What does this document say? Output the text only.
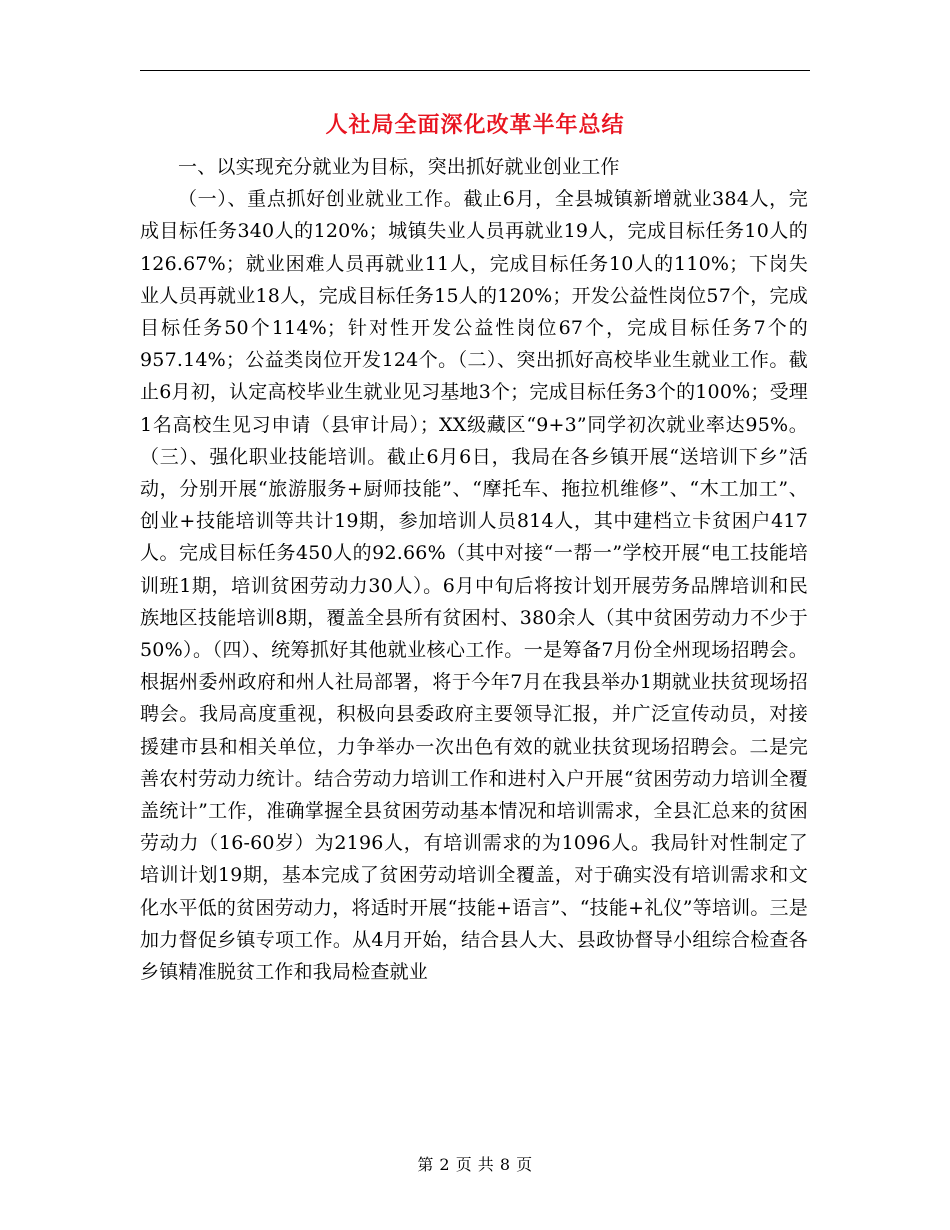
人社局全面深化改革半年总结

一、以实现充分就业为目标，突出抓好就业创业工作

（一）、重点抓好创业就业工作。截止6月，全县城镇新增就业384人，完成目标任务340人的120%；城镇失业人员再就业19人，完成目标任务10人的126.67%；就业困难人员再就业11人，完成目标任务10人的110%；下岗失业人员再就业18人，完成目标任务15人的120%；开发公益性岗位57个，完成目标任务50个114%；针对性开发公益性岗位67个，完成目标任务7个的957.14%；公益类岗位开发124个。（二）、突出抓好高校毕业生就业工作。截止6月初，认定高校毕业生就业见习基地3个；完成目标任务3个的100%；受理1名高校生见习申请（县审计局）；XX级藏区“9+3”同学初次就业率达95%。（三）、强化职业技能培训。截止6月6日，我局在各乡镇开展“送培训下乡”活动，分别开展“旅游服务+厨师技能”、“摩托车、拖拉机维修”、“木工加工”、创业+技能培训等共计19期，参加培训人员814人，其中建档立卡贫困户417人。完成目标任务450人的92.66%（其中对接“一帮一”学校开展“电工技能培训班1期，培训贫困劳动力30人）。6月中旬后将按计划开展劳务品牌培训和民族地区技能培训8期，覆盖全县所有贫困村、380余人（其中贫困劳动力不少于50%）。（四）、统筹抓好其他就业核心工作。一是筹备7月份全州现场招聘会。根据州委州政府和州人社局部署，将于今年7月在我县举办1期就业扶贫现场招聘会。我局高度重视，积极向县委政府主要领导汇报，并广泛宣传动员，对接援建市县和相关单位，力争举办一次出色有效的就业扶贫现场招聘会。二是完善农村劳动力统计。结合劳动力培训工作和进村入户开展“贫困劳动力培训全覆盖统计”工作，准确掌握全县贫困劳动基本情况和培训需求，全县汇总来的贫困劳动力（16-60岁）为2196人，有培训需求的为1096人。我局针对性制定了培训计划19期，基本完成了贫困劳动培训全覆盖，对于确实没有培训需求和文化水平低的贫困劳动力，将适时开展“技能+语言”、“技能+礼仪”等培训。三是加力督促乡镇专项工作。从4月开始，结合县人大、县政协督导小组综合检查各乡镇精准脱贫工作和我局检查就业

第 2 页 共 8 页
